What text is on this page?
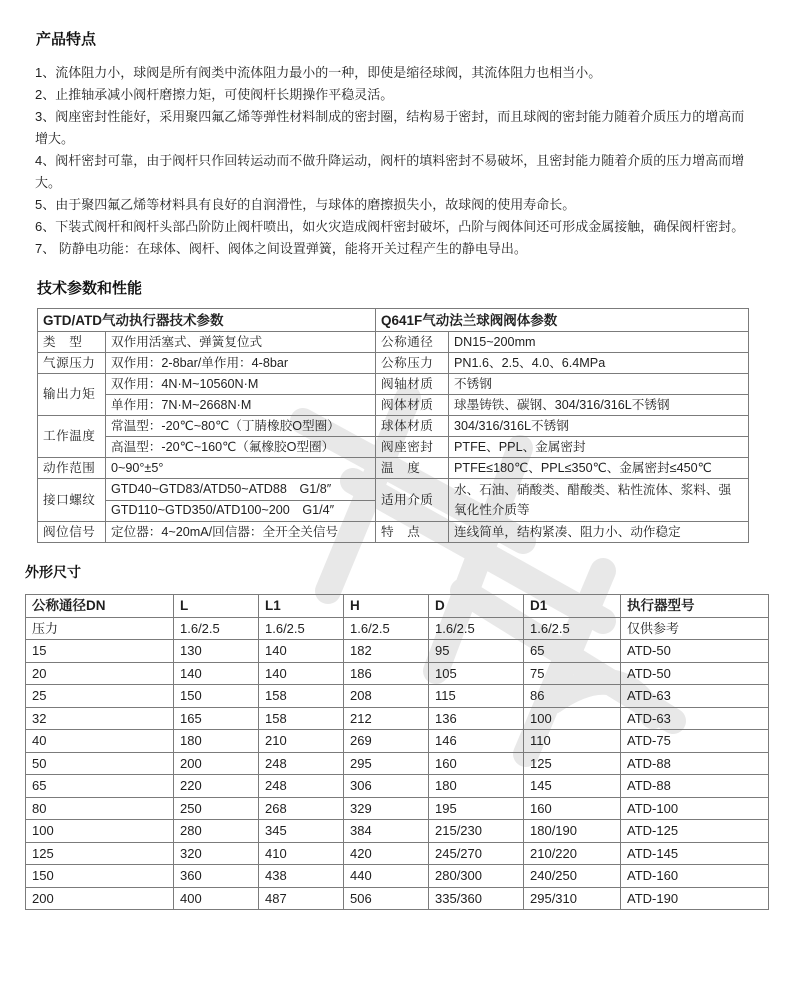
产品特点

1、流体阻力小，球阀是所有阀类中流体阻力最小的一种，即使是缩径球阀，其流体阻力也相当小。

2、止推轴承减小阀杆磨擦力矩，可使阀杆长期操作平稳灵活。

3、阀座密封性能好，采用聚四氟乙烯等弹性材料制成的密封圈，结构易于密封，而且球阀的密封能力随着介质压力的增高而增大。

4、阀杆密封可靠，由于阀杆只作回转运动而不做升降运动，阀杆的填料密封不易破坏，且密封能力随着介质的压力增高而增大。

5、由于聚四氟乙烯等材料具有良好的自润滑性，与球体的磨擦损失小，故球阀的使用寿命长。

6、下装式阀杆和阀杆头部凸阶防止阀杆喷出，如火灾造成阀杆密封破坏，凸阶与阀体间还可形成金属接触，确保阀杆密封。

7、 防静电功能：在球体、阀杆、阀体之间设置弹簧，能将开关过程产生的静电导出。

技术参数和性能
GTD/ATD气动执行器技术参数		Q641F气动法兰球阀阀体参数	
类　型	双作用活塞式、弹簧复位式	公称通径	DN15~200mm
气源压力	双作用：2-8bar/单作用：4-8bar	公称压力	PN1.6、2.5、4.0、6.4MPa
输出力矩	双作用：4N·M~10560N·M	阀轴材质	不锈钢
	单作用：7N·M~2668N·M	阀体材质	球墨铸铁、碳钢、304/316/316L不锈钢
工作温度	常温型：-20℃~80℃（丁腈橡胶O型圈）	球体材质	304/316/316L不锈钢
	高温型：-20℃~160℃（氟橡胶O型圈）	阀座密封	PTFE、PPL、金属密封
动作范围	0~90°±5°	温　度	PTFE≤180℃、PPL≤350℃、金属密封≤450℃
接口螺纹	GTD40~GTD83/ATD50~ATD88　G1/8″	适用介质	水、石油、硝酸类、醋酸类、粘性流体、浆料、强氧化性介质等
	GTD110~GTD350/ATD100~200　G1/4″		
阀位信号	定位器：4~20mA/回信器：全开全关信号	特　点	连线简单，结构紧凑、阻力小、动作稳定
外形尺寸
公称通径DN	L	L1	H	D	D1	执行器型号
压力	1.6/2.5	1.6/2.5	1.6/2.5	1.6/2.5	1.6/2.5	仅供参考
15	130	140	182	95	65	ATD-50
20	140	140	186	105	75	ATD-50
25	150	158	208	115	86	ATD-63
32	165	158	212	136	100	ATD-63
40	180	210	269	146	110	ATD-75
50	200	248	295	160	125	ATD-88
65	220	248	306	180	145	ATD-88
80	250	268	329	195	160	ATD-100
100	280	345	384	215/230	180/190	ATD-125
125	320	410	420	245/270	210/220	ATD-145
150	360	438	440	280/300	240/250	ATD-160
200	400	487	506	335/360	295/310	ATD-190
